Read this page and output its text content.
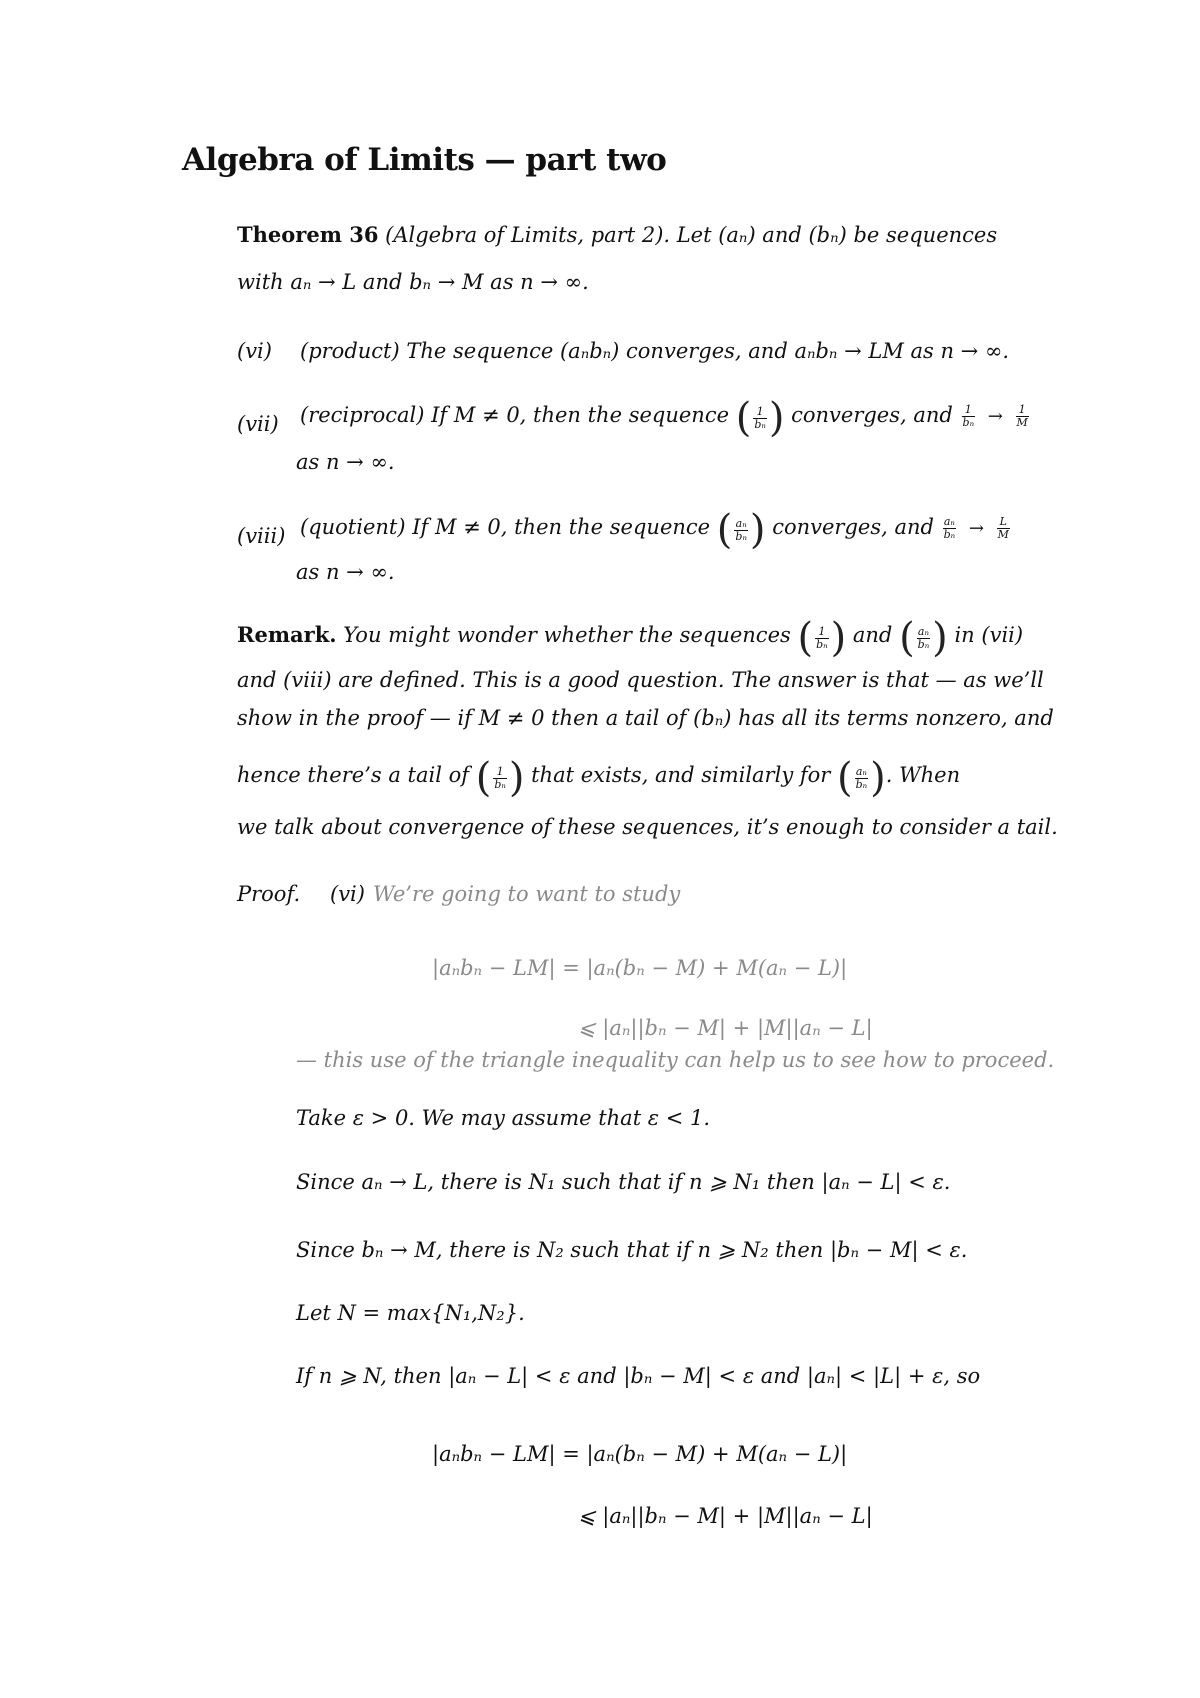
Algebra of Limits — part two
Theorem 36 (Algebra of Limits, part 2). Let (aₙ) and (bₙ) be sequences
with aₙ → L and bₙ → M as n → ∞.
(vi) (product) The sequence (aₙbₙ) converges, and aₙbₙ → LM as n → ∞.
(vii) (reciprocal) If M ≠ 0, then the sequence ( $\frac{1}{\text{bₙ}}$
) converges, and $\frac{1}{\text{bₙ}} \to \frac{1}{M}$
as n → ∞.
(viii) (quotient) If M ≠ 0, then the sequence ( $\frac{\text{aₙ}}{\text{bₙ}}$
) converges, and $\frac{\text{aₙ}}{\text{bₙ}} \to \frac{L}{M}$
as n → ∞.
Remark. You might wonder whether the sequences ( $\frac{1}{\text{bₙ}}$
) and ( $\frac{\text{aₙ}}{\text{bₙ}}$
) in (vii)
and (viii) are defined. This is a good question. The answer is that — as we’ll
show in the proof — if M ≠ 0 then a tail of (bₙ) has all its terms nonzero, and
hence there’s a tail of ( $\frac{1}{\text{bₙ}}$
) that exists, and similarly for ( $\frac{\text{aₙ}}{\text{bₙ}}$
) . When
we talk about convergence of these sequences, it’s enough to consider a tail.
Proof. (vi) We’re going to want to study
|aₙbₙ − LM| = |aₙ(bₙ − M) + M(aₙ − L)|
⩽ |aₙ||bₙ − M| + |M||aₙ − L|
— this use of the triangle inequality can help us to see how to proceed.
Take ε > 0. We may assume that ε < 1.
Since aₙ → L, there is N₁ such that if n ⩾ N₁ then |aₙ − L| < ε.
Since bₙ → M, there is N₂ such that if n ⩾ N₂ then |bₙ − M| < ε.
Let N = max{N₁,N₂}.
If n ⩾ N, then |aₙ − L| < ε and |bₙ − M| < ε and |aₙ| < |L| + ε, so
|aₙbₙ − LM| = |aₙ(bₙ − M) + M(aₙ − L)|
⩽ |aₙ||bₙ − M| + |M||aₙ − L|
